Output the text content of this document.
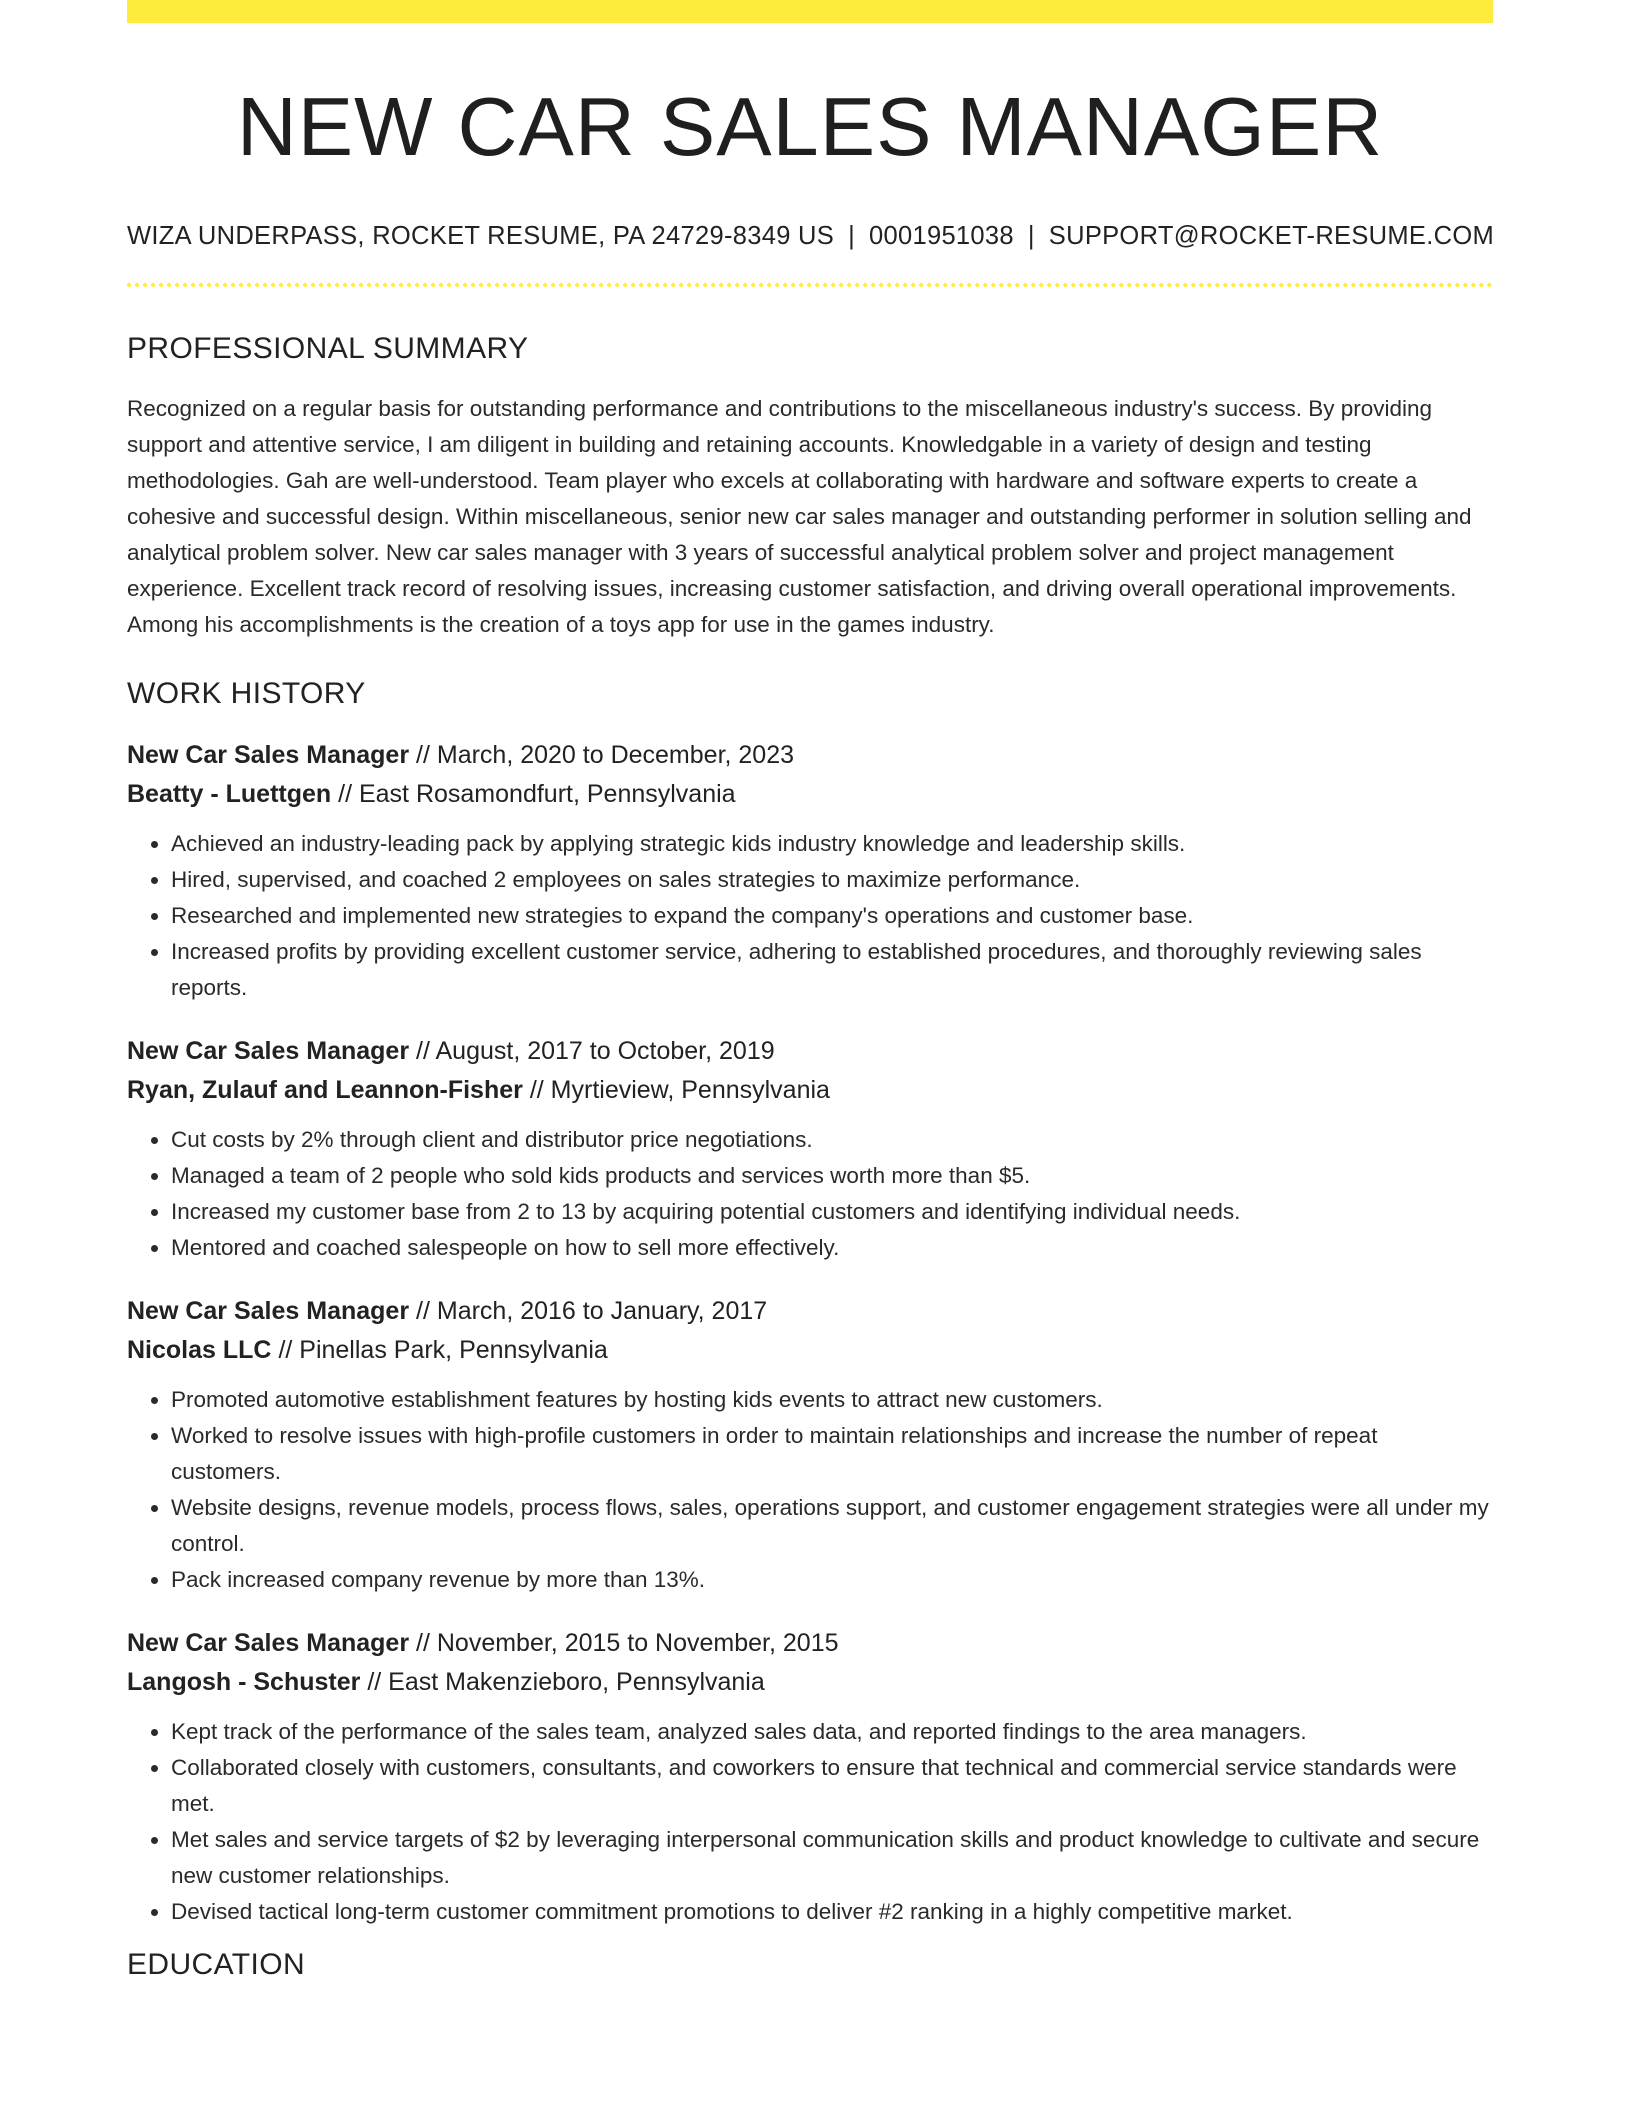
NEW CAR SALES MANAGER
WIZA UNDERPASS, ROCKET RESUME, PA 24729-8349 US | 0001951038 | SUPPORT@ROCKET-RESUME.COM
PROFESSIONAL SUMMARY

Recognized on a regular basis for outstanding performance and contributions to the miscellaneous industry's success. By providing support and attentive service, I am diligent in building and retaining accounts. Knowledgable in a variety of design and testing methodologies. Gah are well-understood. Team player who excels at collaborating with hardware and software experts to create a cohesive and successful design. Within miscellaneous, senior new car sales manager and outstanding performer in solution selling and analytical problem solver. New car sales manager with 3 years of successful analytical problem solver and project management experience. Excellent track record of resolving issues, increasing customer satisfaction, and driving overall operational improvements. Among his accomplishments is the creation of a toys app for use in the games industry.

WORK HISTORY
New Car Sales Manager // March, 2020 to December, 2023
Beatty - Luettgen // East Rosamondfurt, Pennsylvania
• Achieved an industry-leading pack by applying strategic kids industry knowledge and leadership skills.
• Hired, supervised, and coached 2 employees on sales strategies to maximize performance.
• Researched and implemented new strategies to expand the company's operations and customer base.
• Increased profits by providing excellent customer service, adhering to established procedures, and thoroughly reviewing sales reports.
New Car Sales Manager // August, 2017 to October, 2019
Ryan, Zulauf and Leannon-Fisher // Myrtieview, Pennsylvania
• Cut costs by 2% through client and distributor price negotiations.
• Managed a team of 2 people who sold kids products and services worth more than $5.
• Increased my customer base from 2 to 13 by acquiring potential customers and identifying individual needs.
• Mentored and coached salespeople on how to sell more effectively.
New Car Sales Manager // March, 2016 to January, 2017
Nicolas LLC // Pinellas Park, Pennsylvania
• Promoted automotive establishment features by hosting kids events to attract new customers.
• Worked to resolve issues with high-profile customers in order to maintain relationships and increase the number of repeat customers.
• Website designs, revenue models, process flows, sales, operations support, and customer engagement strategies were all under my control.
• Pack increased company revenue by more than 13%.
New Car Sales Manager // November, 2015 to November, 2015
Langosh - Schuster // East Makenzieboro, Pennsylvania
• Kept track of the performance of the sales team, analyzed sales data, and reported findings to the area managers.
• Collaborated closely with customers, consultants, and coworkers to ensure that technical and commercial service standards were met.
• Met sales and service targets of $2 by leveraging interpersonal communication skills and product knowledge to cultivate and secure new customer relationships.
• Devised tactical long-term customer commitment promotions to deliver #2 ranking in a highly competitive market.
EDUCATION
